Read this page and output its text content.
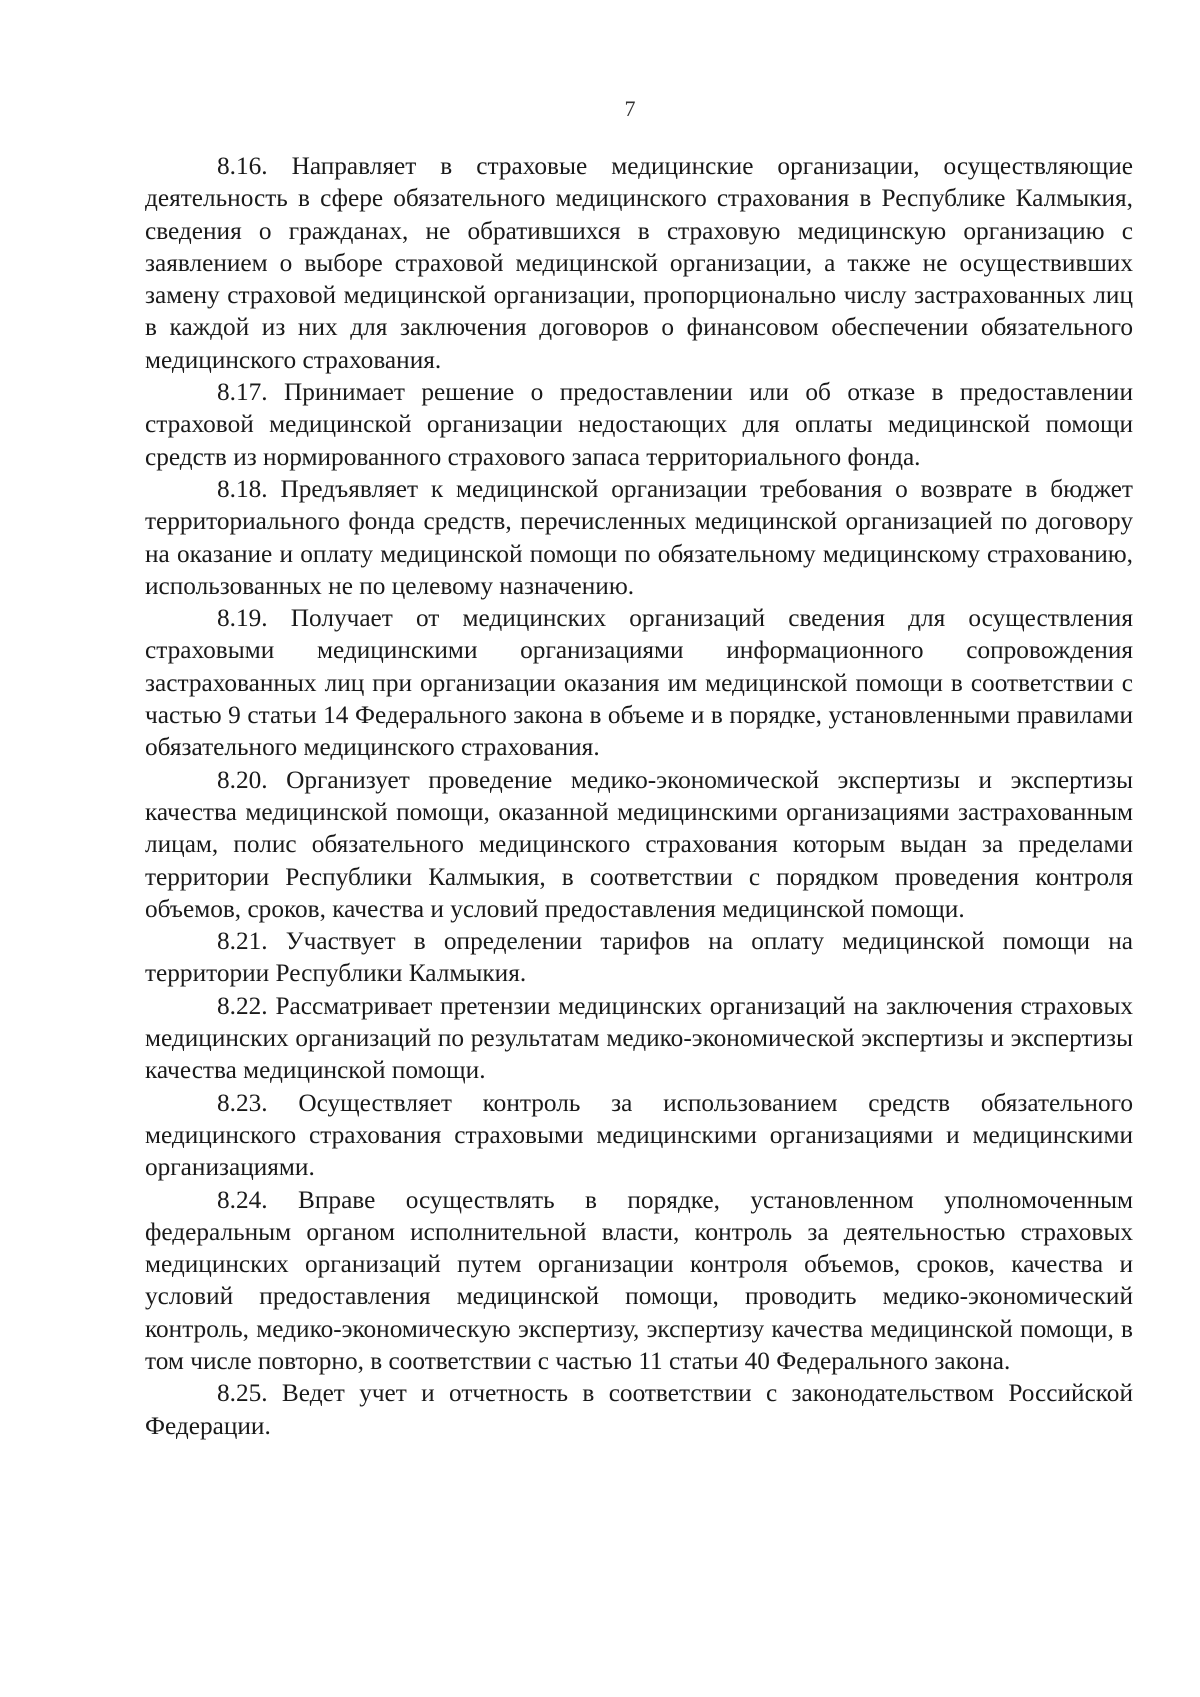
7

8.16. Направляет в страховые медицинские организации, осуществляющие деятельность в сфере обязательного медицинского страхования в Республике Калмыкия, сведения о гражданах, не обратившихся в страховую медицинскую организацию с заявлением о выборе страховой медицинской организации, а также не осуществивших замену страховой медицинской организации, пропорционально числу застрахованных лиц в каждой из них для заключения договоров о финансовом обеспечении обязательного медицинского страхования.

8.17. Принимает решение о предоставлении или об отказе в предоставлении страховой медицинской организации недостающих для оплаты медицинской помощи средств из нормированного страхового запаса территориального фонда.

8.18. Предъявляет к медицинской организации требования о возврате в бюджет территориального фонда средств, перечисленных медицинской организацией по договору на оказание и оплату медицинской помощи по обязательному медицинскому страхованию, использованных не по целевому назначению.

8.19. Получает от медицинских организаций сведения для осуществления страховыми медицинскими организациями информационного сопровождения застрахованных лиц при организации оказания им медицинской помощи в соответствии с частью 9 статьи 14 Федерального закона в объеме и в порядке, установленными правилами обязательного медицинского страхования.

8.20. Организует проведение медико-экономической экспертизы и экспертизы качества медицинской помощи, оказанной медицинскими организациями застрахованным лицам, полис обязательного медицинского страхования которым выдан за пределами территории Республики Калмыкия, в соответствии с порядком проведения контроля объемов, сроков, качества и условий предоставления медицинской помощи.

8.21. Участвует в определении тарифов на оплату медицинской помощи на территории Республики Калмыкия.

8.22. Рассматривает претензии медицинских организаций на заключения страховых медицинских организаций по результатам медико-экономической экспертизы и экспертизы качества медицинской помощи.

8.23. Осуществляет контроль за использованием средств обязательного медицинского страхования страховыми медицинскими организациями и медицинскими организациями.

8.24. Вправе осуществлять в порядке, установленном уполномоченным федеральным органом исполнительной власти, контроль за деятельностью страховых медицинских организаций путем организации контроля объемов, сроков, качества и условий предоставления медицинской помощи, проводить медико-экономический контроль, медико-экономическую экспертизу, экспертизу качества медицинской помощи, в том числе повторно, в соответствии с частью 11 статьи 40 Федерального закона.

8.25. Ведет учет и отчетность в соответствии с законодательством Российской Федерации.
